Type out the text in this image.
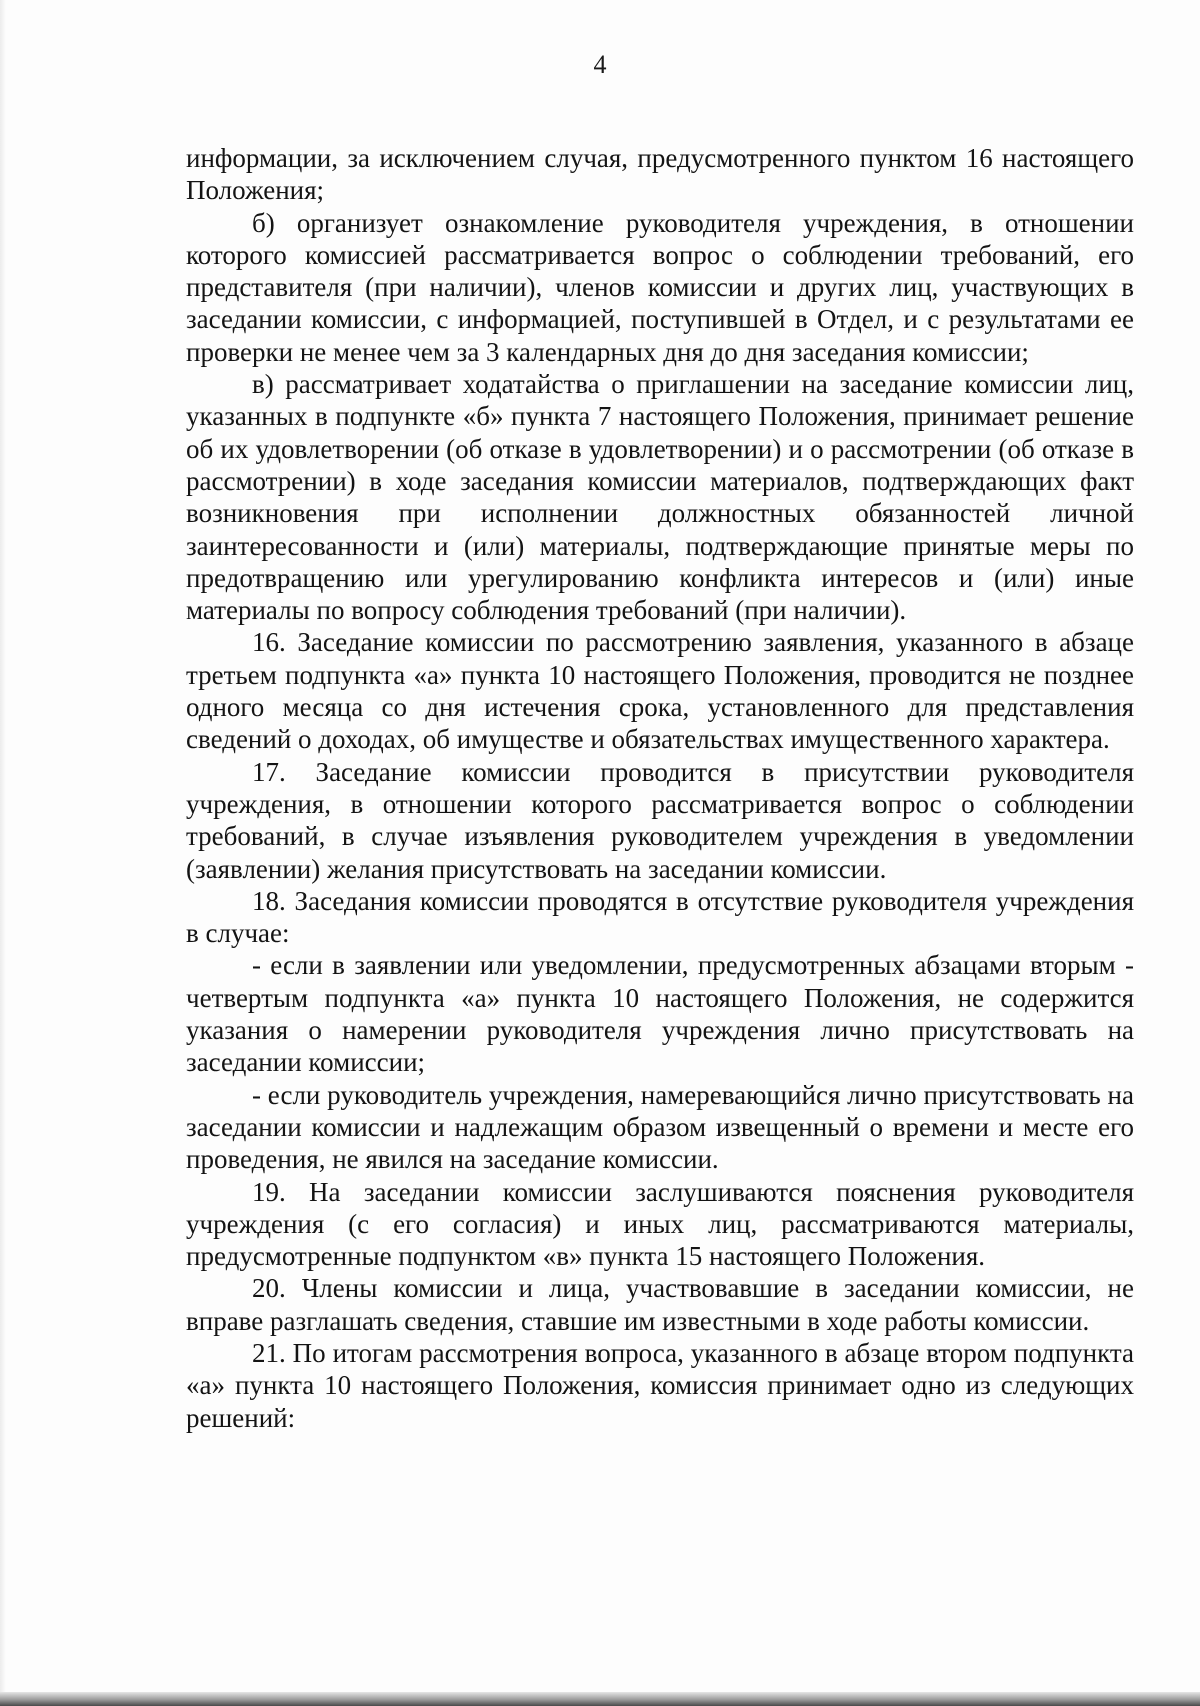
4

информации, за исключением случая, предусмотренного пунктом 16 настоящего Положения;

б) организует ознакомление руководителя учреждения, в отношении которого комиссией рассматривается вопрос о соблюдении требований, его представителя (при наличии), членов комиссии и других лиц, участвующих в заседании комиссии, с информацией, поступившей в Отдел, и с результатами ее проверки не менее чем за 3 календарных дня до дня заседания комиссии;

в) рассматривает ходатайства о приглашении на заседание комиссии лиц, указанных в подпункте «б» пункта 7 настоящего Положения, принимает решение об их удовлетворении (об отказе в удовлетворении) и о рассмотрении (об отказе в рассмотрении) в ходе заседания комиссии материалов, подтверждающих факт возникновения при исполнении должностных обязанностей личной заинтересованности и (или) материалы, подтверждающие принятые меры по предотвращению или урегулированию конфликта интересов и (или) иные материалы по вопросу соблюдения требований (при наличии).

16. Заседание комиссии по рассмотрению заявления, указанного в абзаце третьем подпункта «а» пункта 10 настоящего Положения, проводится не позднее одного месяца со дня истечения срока, установленного для представления сведений о доходах, об имуществе и обязательствах имущественного характера.

17. Заседание комиссии проводится в присутствии руководителя учреждения, в отношении которого рассматривается вопрос о соблюдении требований, в случае изъявления руководителем учреждения в уведомлении (заявлении) желания присутствовать на заседании комиссии.

18. Заседания комиссии проводятся в отсутствие руководителя учреждения в случае:

- если в заявлении или уведомлении, предусмотренных абзацами вторым - четвертым подпункта «а» пункта 10 настоящего Положения, не содержится указания о намерении руководителя учреждения лично присутствовать на заседании комиссии;

- если руководитель учреждения, намеревающийся лично присутствовать на заседании комиссии и надлежащим образом извещенный о времени и месте его проведения, не явился на заседание комиссии.

19. На заседании комиссии заслушиваются пояснения руководителя учреждения (с его согласия) и иных лиц, рассматриваются материалы, предусмотренные подпунктом «в» пункта 15 настоящего Положения.

20. Члены комиссии и лица, участвовавшие в заседании комиссии, не вправе разглашать сведения, ставшие им известными в ходе работы комиссии.

21. По итогам рассмотрения вопроса, указанного в абзаце втором подпункта «а» пункта 10 настоящего Положения, комиссия принимает одно из следующих решений:
